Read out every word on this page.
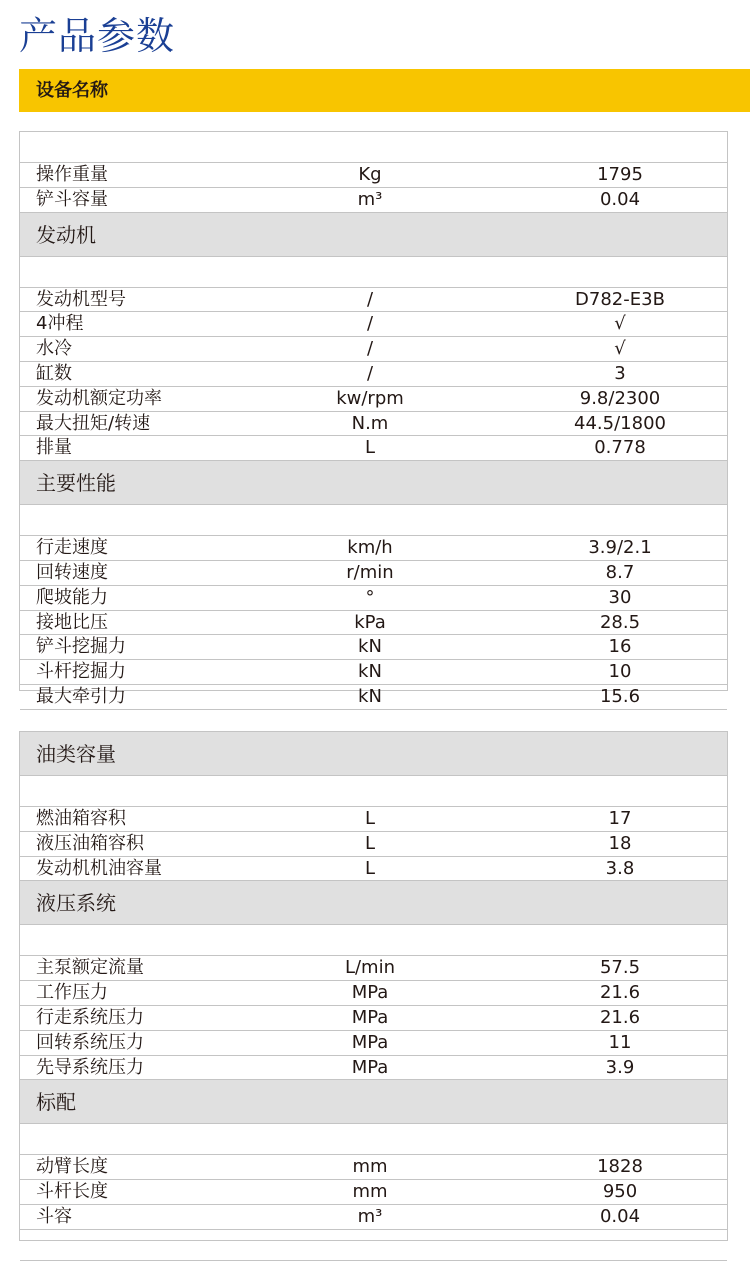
产品参数
设备名称
操作重量	Kg	1795
铲斗容量	m³	0.04
发动机
发动机型号	/	D782-E3B
4冲程	/	√
水冷	/	√
缸数	/	3
发动机额定功率	kw/rpm	9.8/2300
最大扭矩/转速	N.m	44.5/1800
排量	L	0.778
主要性能
行走速度	km/h	3.9/2.1
回转速度	r/min	8.7
爬坡能力	°	30
接地比压	kPa	28.5
铲斗挖掘力	kN	16
斗杆挖掘力	kN	10
最大牵引力	kN	15.6
油类容量
燃油箱容积	L	17
液压油箱容积	L	18
发动机机油容量	L	3.8
液压系统
主泵额定流量	L/min	57.5
工作压力	MPa	21.6
行走系统压力	MPa	21.6
回转系统压力	MPa	11
先导系统压力	MPa	3.9
标配
动臂长度	mm	1828
斗杆长度	mm	950
斗容	m³	0.04
